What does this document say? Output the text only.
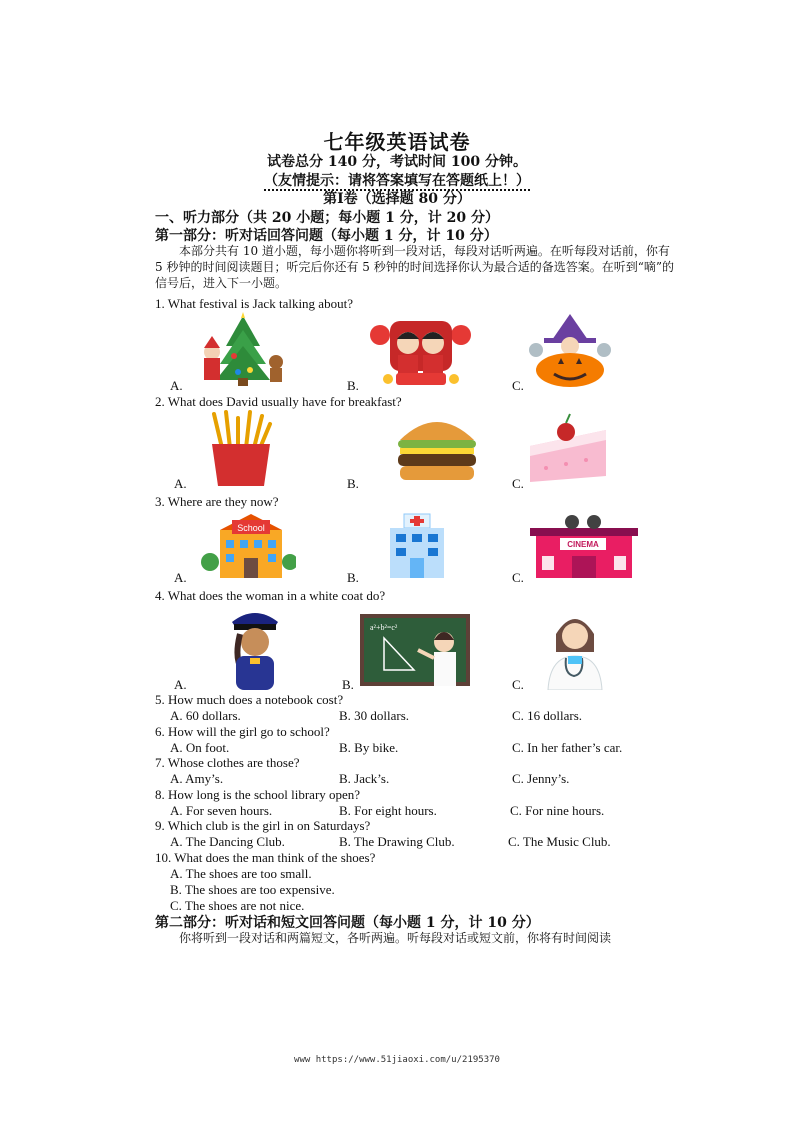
七年级英语试卷
试卷总分 140 分，考试时间 100 分钟。
（友情提示：请将答案填写在答题纸上！）
第Ⅰ卷（选择题 80 分）
一、听力部分（共 20 小题；每小题 1 分，计 20 分）
第一部分：听对话回答问题（每小题 1 分，计 10 分）
本部分共有 10 道小题，每小题你将听到一段对话，每段对话听两遍。在听每段对话前，你有 5 秒钟的时间阅读题目；听完后你还有 5 秒钟的时间选择你认为最合适的备选答案。在听到“嘀”的信号后，进入下一小题。
1. What festival is Jack talking about?
A.	B.	C.
2. What does David usually have for breakfast?
A.	B.	C.
3. Where are they now?
A.	B.	C.
School
CINEMA
4. What does the woman in a white coat do?
A.	B.	C.
a²+b²=c²
5. How much does a notebook cost?
A. 60 dollars.	B. 30 dollars.	C. 16 dollars.
6. How will the girl go to school?
A. On foot.	B. By bike.	C. In her father’s car.
7. Whose clothes are those?
A. Amy’s.	B. Jack’s.	C. Jenny’s.
8. How long is the school library open?
A. For seven hours.	B. For eight hours.	C. For nine hours.
9. Which club is the girl in on Saturdays?
A. The Dancing Club.	B. The Drawing Club.	C. The Music Club.
10. What does the man think of the shoes?
A. The shoes are too small.
B. The shoes are too expensive.
C. The shoes are not nice.
第二部分：听对话和短文回答问题（每小题 1 分，计 10 分）
你将听到一段对话和两篇短文，各听两遍。听每段对话或短文前，你将有时间阅读
www https://www.51jiaoxi.com/u/2195370
